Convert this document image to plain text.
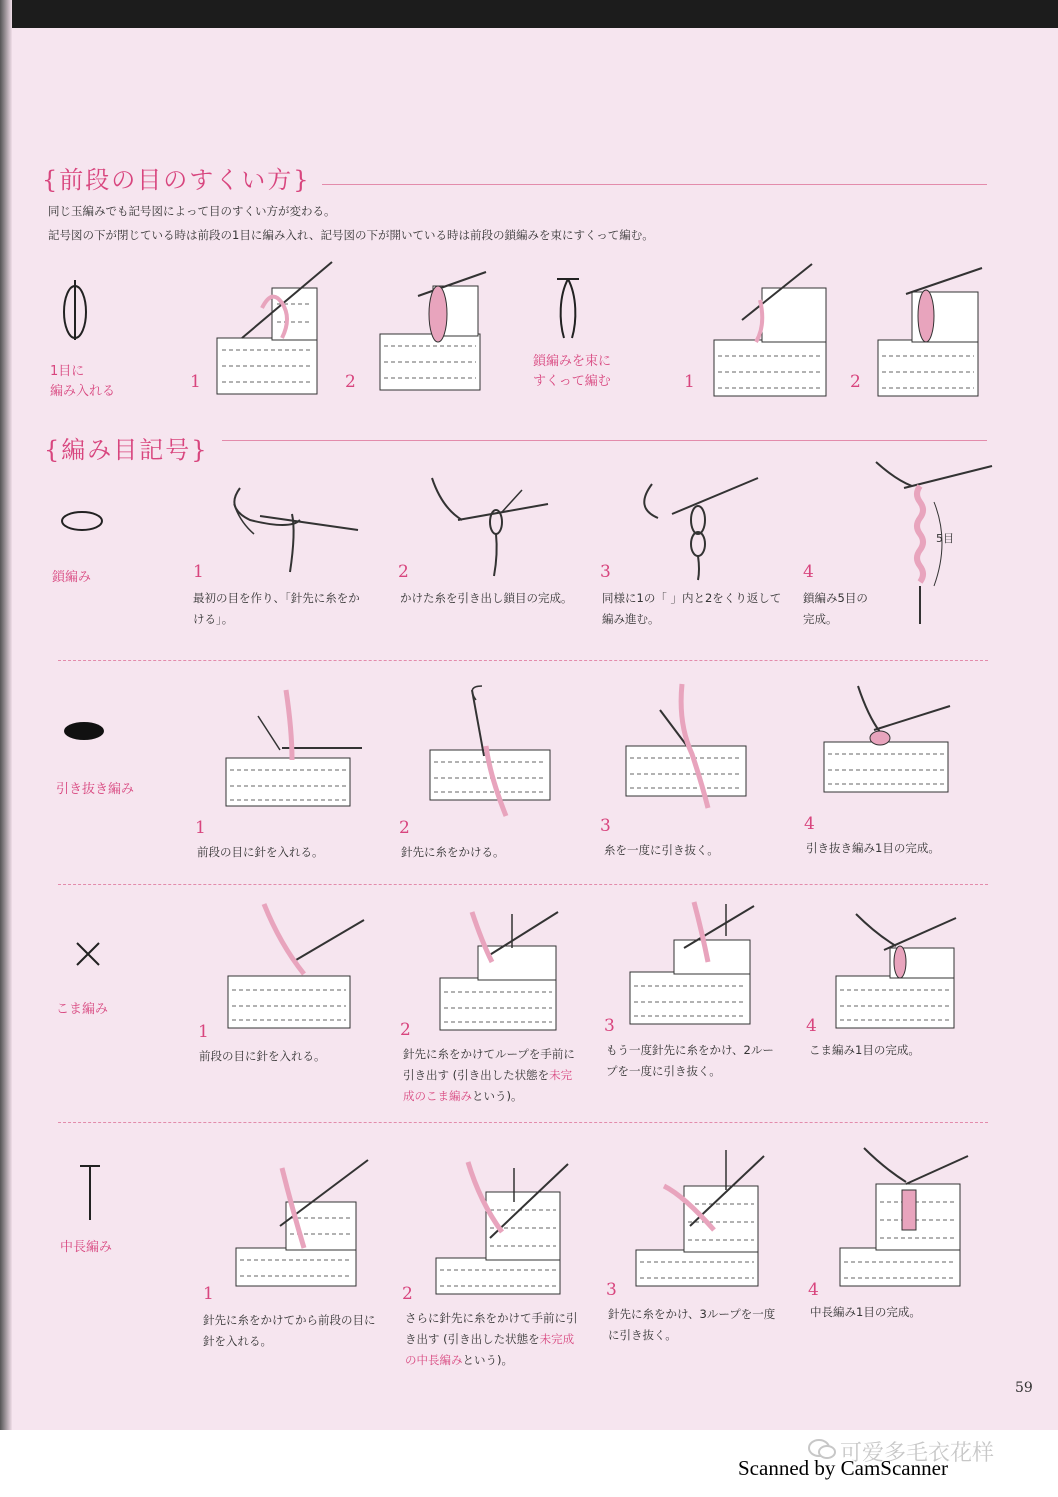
{前段の目のすくい方}
同じ玉編みでも記号図によって目のすくい方が変わる。
記号図の下が閉じている時は前段の1目に編み入れ、記号図の下が開いている時は前段の鎖編みを束にすくって編む。
1目に
編み入れる
鎖編みを束に
すくって編む
1	2	1	2
{編み目記号}
鎖編み	1
最初の目を作り、「針先に糸をか
ける」。
2
かけた糸を引き出し鎖目の完成。
3
同様に1の「 」内と2をくり返して
編み進む。
5目
4
鎖編み5目の
完成。
引き抜き編み
1
前段の目に針を入れる。
2
針先に糸をかける。
3
糸を一度に引き抜く。
4
引き抜き編み1目の完成。
こま編み
1
前段の目に針を入れる。
2
針先に糸をかけてループを手前に
引き出す (引き出した状態を未完
成のこま編みという)。
3
もう一度針先に糸をかけ、2ルー
プを一度に引き抜く。
4
こま編み1目の完成。
中長編み
1
針先に糸をかけてから前段の目に
針を入れる。
2
さらに針先に糸をかけて手前に引
き出す (引き出した状態を未完成
の中長編みという)。
3
針先に糸をかけ、3ループを一度
に引き抜く。
4
中長編み1目の完成。
59
可爱多毛衣花样
Scanned by CamScanner
